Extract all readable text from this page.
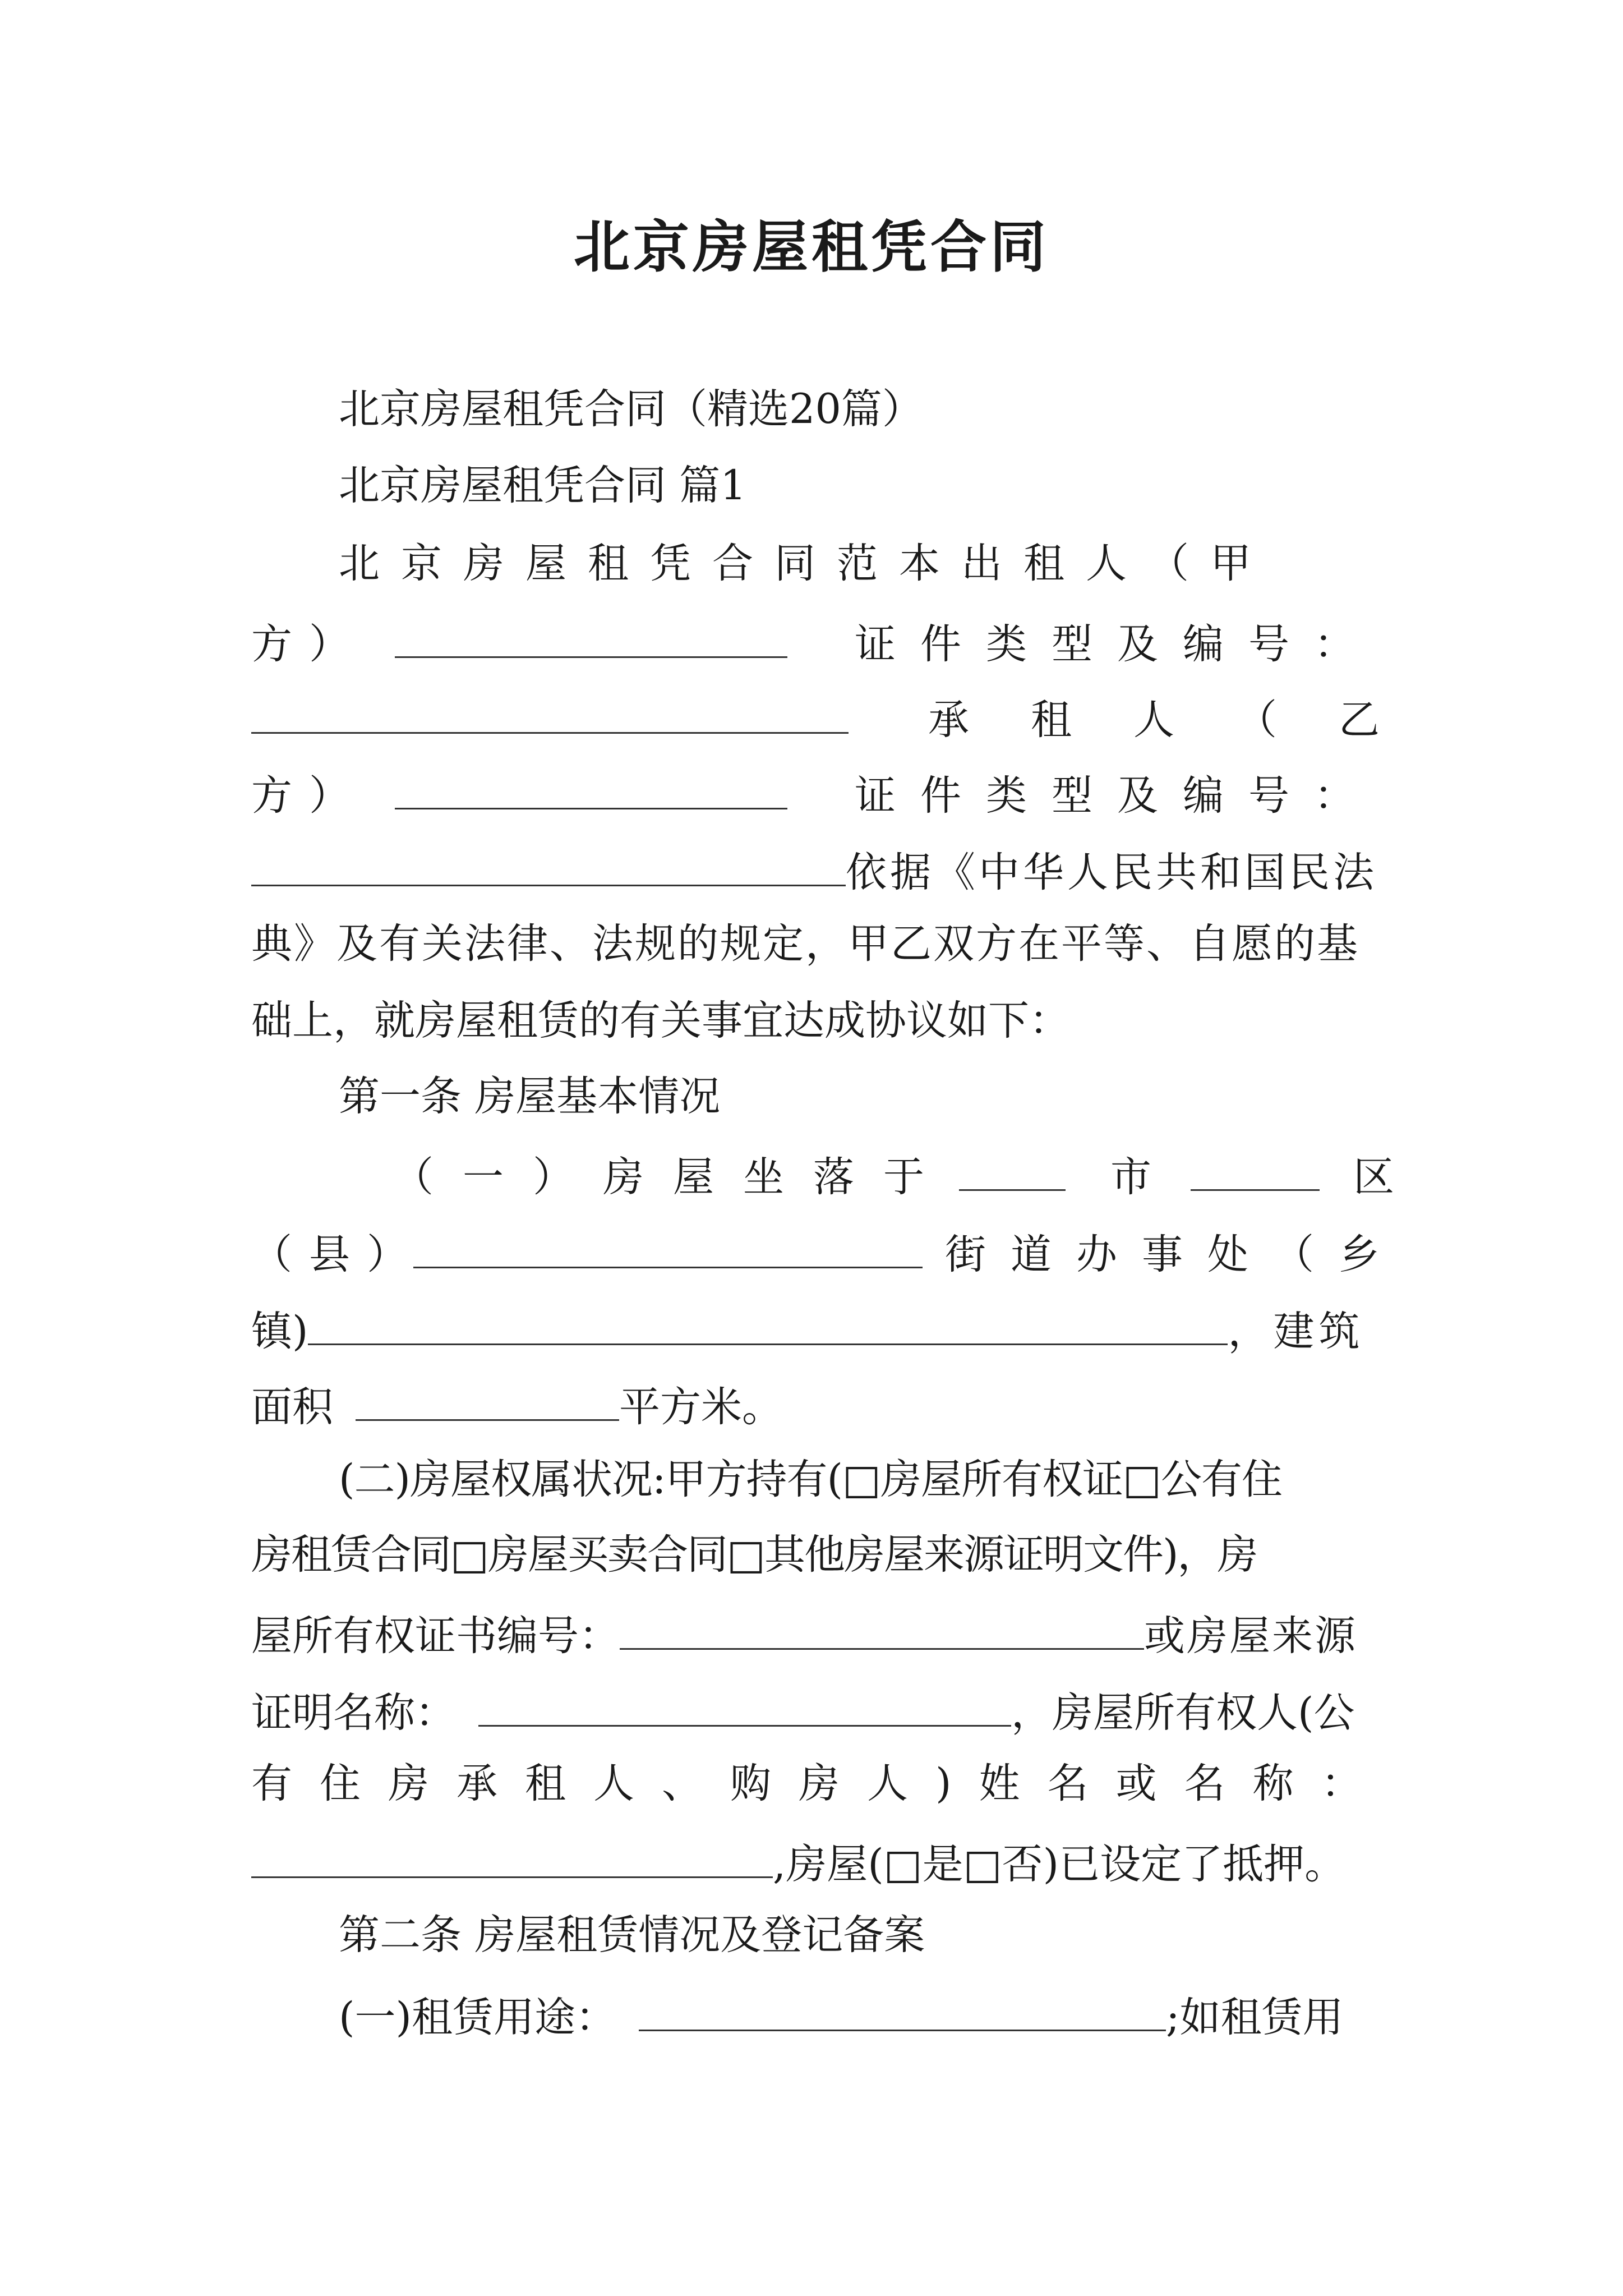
北京房屋租凭合同
北京房屋租凭合同（精选20篇）
北京房屋租凭合同 篇1
北京房屋租凭合同范本出租人（甲
方）	证件类型及编号：
承租人（乙
方）	证件类型及编号：
依据《中华人民共和国民法
典》及有关法律、法规的规定，甲乙双方在平等、自愿的基
础上，就房屋租赁的有关事宜达成协议如下：
第一条 房屋基本情况
（一）房屋坐落于	市	区
（县）	街道办事处（乡
镇)	，建筑
面积	平方米。
(二)房屋权属状况:甲方持有(□房屋所有权证□公有住
房租赁合同□房屋买卖合同□其他房屋来源证明文件)，房
屋所有权证书编号：	或房屋来源
证明名称：	，房屋所有权人(公
有住房承租人、购房人)姓名或名称：
,房屋(□是□否)已设定了抵押。
第二条 房屋租赁情况及登记备案
(一)租赁用途：	;如租赁用
